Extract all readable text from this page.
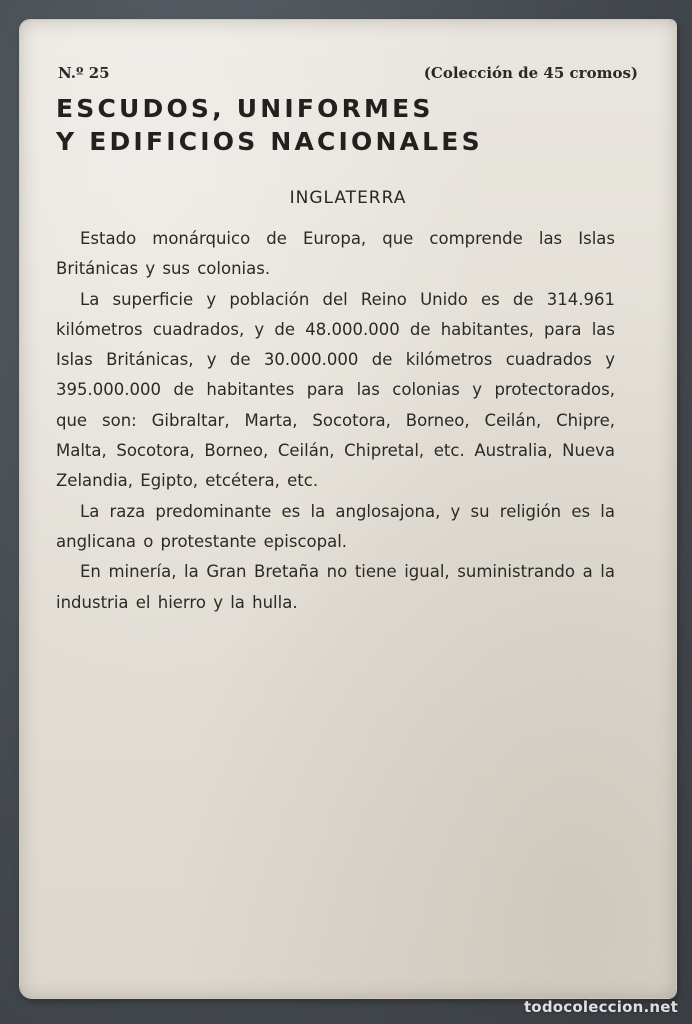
N.º 25	(Colección de 45 cromos)
ESCUDOS, UNIFORMES
Y EDIFICIOS NACIONALES
INGLATERRA

Estado monárquico de Europa, que comprende las Islas Británicas y sus colonias.

La superficie y población del Reino Unido es de 314.961 kilómetros cuadrados, y de 48.000.000 de habitantes, para las Islas Británicas, y de 30.000.000 de kilómetros cuadrados y 395.000.000 de habitantes para las colonias y protectorados, que son: Gibraltar, Marta, Socotora, Borneo, Ceilán, Chipre, Malta, Socotora, Borneo, Ceilán, Chipretal, etc. Australia, Nueva Zelandia, Egipto, etcétera, etc.

La raza predominante es la anglosajona, y su religión es la anglicana o protestante episcopal.

En minería, la Gran Bretaña no tiene igual, suministrando a la industria el hierro y la hulla.

todocoleccion.net
